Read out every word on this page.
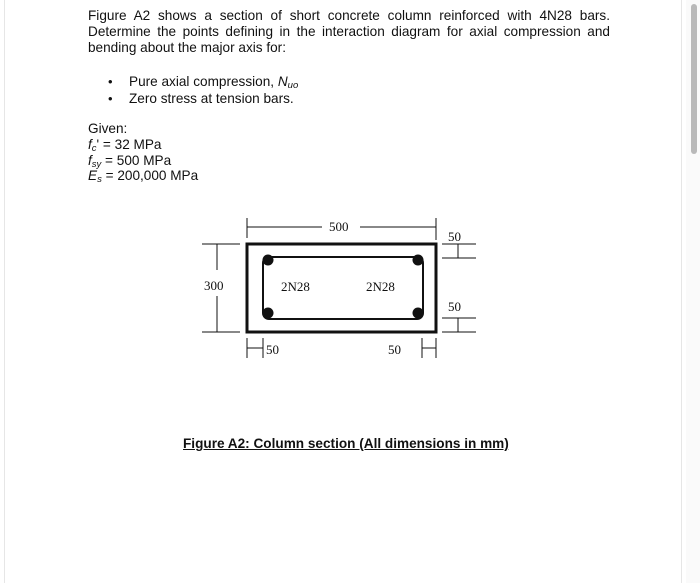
Figure A2 shows a section of short concrete column reinforced with 4N28 bars. Determine the points defining in the interaction diagram for axial compression and bending about the major axis for:
•	Pure axial compression, $N_{uo}$
•	Zero stress at tension bars.
Given:
$f_c' = 32$ MPa
$f_{sy} = 500$ MPa
$E_s = 200,000$ MPa
500
300
50
50
50	50
2N28	2N28
Figure A2: Column section (All dimensions in mm)
